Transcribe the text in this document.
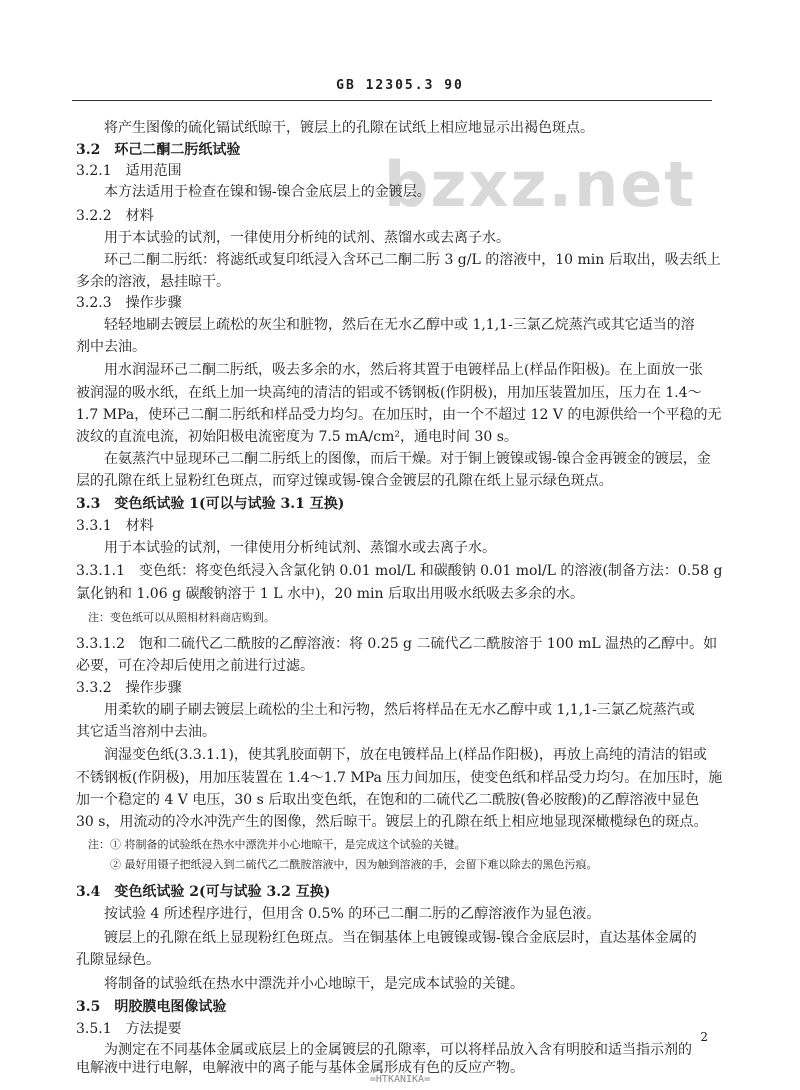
GB 12305.3 90
bzxz.net
　　将产生图像的硫化镉试纸晾干，镀层上的孔隙在试纸上相应地显示出褐色斑点。
3.2　环己二酮二肟纸试验
3.2.1　适用范围
　　本方法适用于检查在镍和锡-镍合金底层上的金镀层。
3.2.2　材料
　　用于本试验的试剂，一律使用分析纯的试剂、蒸馏水或去离子水。
　　环己二酮二肟纸：将滤纸或复印纸浸入含环己二酮二肟 3 g/L 的溶液中，10 min 后取出，吸去纸上
多余的溶液，悬挂晾干。
3.2.3　操作步骤
　　轻轻地刷去镀层上疏松的灰尘和脏物，然后在无水乙醇中或 1,1,1-三氯乙烷蒸汽或其它适当的溶
剂中去油。
　　用水润湿环己二酮二肟纸，吸去多余的水，然后将其置于电镀样品上(样品作阳极)。在上面放一张
被润湿的吸水纸，在纸上加一块高纯的清洁的铝或不锈钢板(作阴极)，用加压装置加压，压力在 1.4～
1.7 MPa，使环己二酮二肟纸和样品受力均匀。在加压时，由一个不超过 12 V 的电源供给一个平稳的无
波纹的直流电流，初始阳极电流密度为 7.5 mA/cm²，通电时间 30 s。
　　在氨蒸汽中显现环己二酮二肟纸上的图像，而后干燥。对于铜上镀镍或锡-镍合金再镀金的镀层，金
层的孔隙在纸上显粉红色斑点，而穿过镍或锡-镍合金镀层的孔隙在纸上显示绿色斑点。
3.3　变色纸试验 1(可以与试验 3.1 互换)
3.3.1　材料
　　用于本试验的试剂，一律使用分析纯试剂、蒸馏水或去离子水。
3.3.1.1　变色纸：将变色纸浸入含氯化钠 0.01 mol/L 和碳酸钠 0.01 mol/L 的溶液(制备方法：0.58 g
氯化钠和 1.06 g 碳酸钠溶于 1 L 水中)，20 min 后取出用吸水纸吸去多余的水。
注：变色纸可以从照相材料商店购到。
3.3.1.2　饱和二硫代乙二酰胺的乙醇溶液：将 0.25 g 二硫代乙二酰胺溶于 100 mL 温热的乙醇中。如
必要，可在冷却后使用之前进行过滤。
3.3.2　操作步骤
　　用柔软的刷子刷去镀层上疏松的尘土和污物，然后将样品在无水乙醇中或 1,1,1-三氯乙烷蒸汽或
其它适当溶剂中去油。
　　润湿变色纸(3.3.1.1)，使其乳胶面朝下，放在电镀样品上(样品作阳极)，再放上高纯的清洁的铝或
不锈钢板(作阴极)，用加压装置在 1.4～1.7 MPa 压力间加压，使变色纸和样品受力均匀。在加压时，施
加一个稳定的 4 V 电压，30 s 后取出变色纸，在饱和的二硫代乙二酰胺(鲁必胺酸)的乙醇溶液中显色
30 s，用流动的冷水冲洗产生的图像，然后晾干。镀层上的孔隙在纸上相应地显现深橄榄绿色的斑点。
注：① 将制备的试验纸在热水中漂洗并小心地晾干，是完成这个试验的关键。
　　② 最好用镊子把纸浸入到二硫代乙二酰胺溶液中，因为触到溶液的手，会留下难以除去的黑色污痕。
3.4　变色纸试验 2(可与试验 3.2 互换)
　　按试验 4 所述程序进行，但用含 0.5% 的环己二酮二肟的乙醇溶液作为显色液。
　　镀层上的孔隙在纸上显现粉红色斑点。当在铜基体上电镀镍或锡-镍合金底层时，直达基体金属的
孔隙显绿色。
　　将制备的试验纸在热水中漂洗并小心地晾干，是完成本试验的关键。
3.5　明胶膜电图像试验
3.5.1　方法提要
　　为测定在不同基体金属或底层上的金属镀层的孔隙率，可以将样品放入含有明胶和适当指示剂的
电解液中进行电解，电解液中的离子能与基体金属形成有色的反应产物。
2
=HTKANIKA=
